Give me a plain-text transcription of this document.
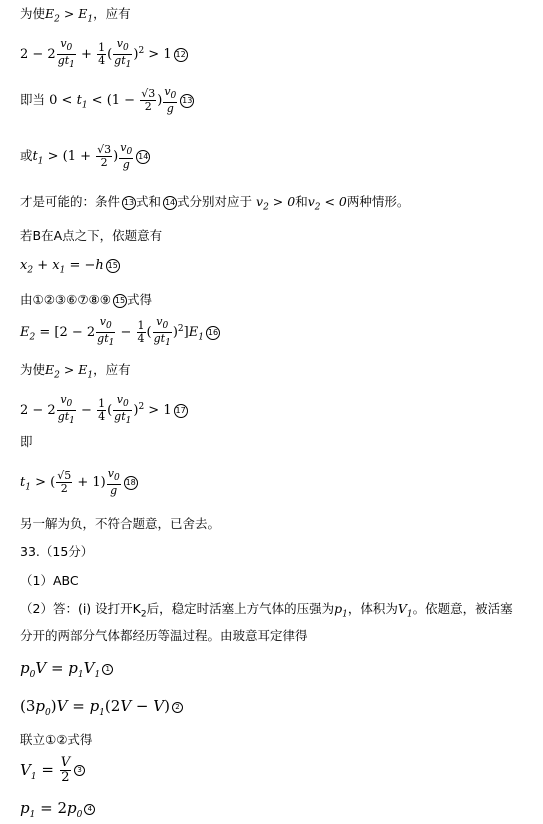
为使$E_2 > E_1$，应有
$2 - 2 \frac{v_0}{gt_1} + \frac{1}{4}$ ( $\frac{v_0}{gt_1} )^2 > 1$ 12
即当 $0 < t_1 < (1 - \frac{√3}{2}$ ) $\frac{v_0}{g} 13$
或$t_1 > (1 + \frac{√3}{2}$ ) $\frac{v_0}{g} 14$
才是可能的：条件 13 式和 14 式分别对应于 $v_2 > 0$和$v_2 < 0$两种情形。
若B在A点之下，依题意有
$x_2 + x_1 = -h$ 15
由①②③⑥⑦⑧⑨ 15 式得
$E_2 = [2 - 2 \frac{v_0}{gt_1} - \frac{1}{4}$ ( $\frac{v_0}{gt_1} )^2]E_116$
为使$E_2 > E_1$，应有
$2 - 2 \frac{v_0}{gt_1} - \frac{1}{4}$ ( $\frac{v_0}{gt_1} )^2 > 1$ 17
即
$t_1$ > ( $\frac{√5}{2} + 1) \frac{v_0}{g} 18$
另一解为负，不符合题意，已舍去。
33.（15分）
（1）ABC
（2）答：(i) 设打开$K_2$后，稳定时活塞上方气体的压强为$p_1$，体积为$V_1$。依题意，被活塞
分开的两部分气体都经历等温过程。由玻意耳定律得
$p_0V = p_1V_11$
$(3p_0)V = p_1(2V - V)$ 2
联立①②式得
$V_1 = \frac{V}{2} 3$
$p_1 = 2p_04$
